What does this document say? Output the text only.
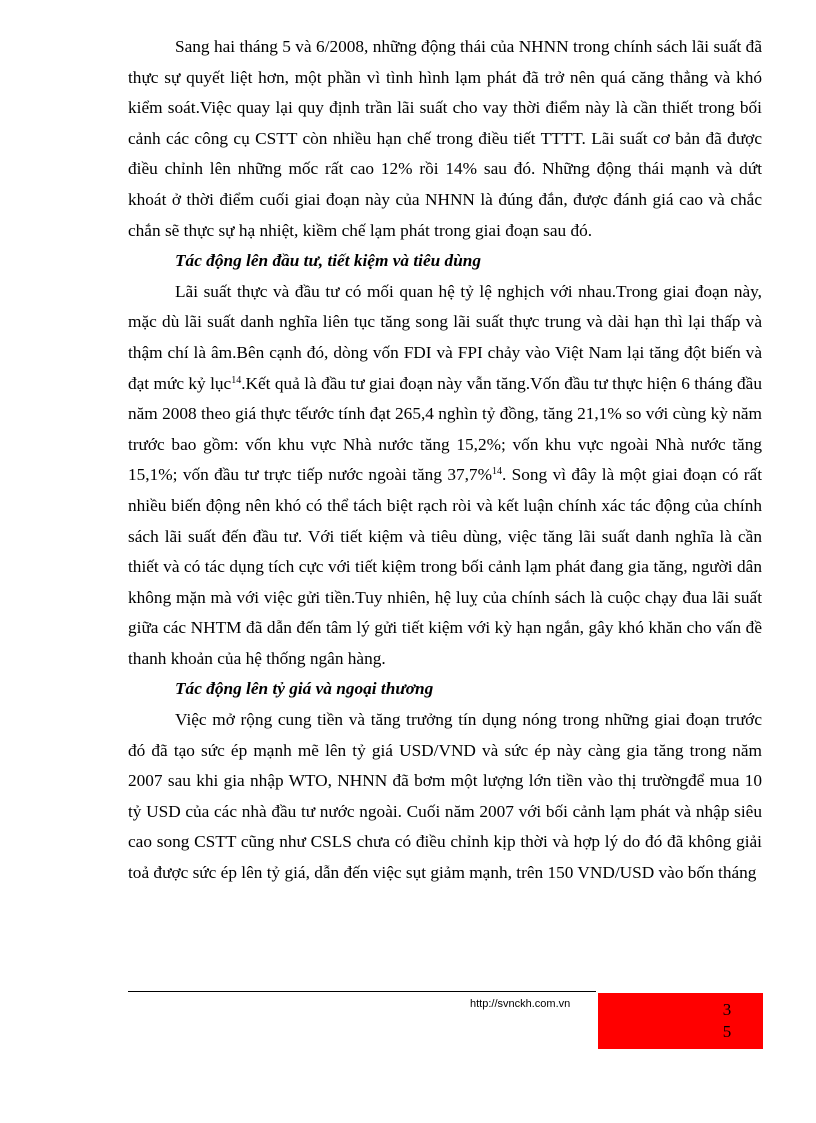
Sang hai tháng 5 và 6/2008, những động thái của NHNN trong chính sách lãi suất đã thực sự quyết liệt hơn, một phần vì tình hình lạm phát đã trở nên quá căng thẳng và khó kiểm soát.Việc quay lại quy định trần lãi suất cho vay thời điểm này là cần thiết trong bối cảnh các công cụ CSTT còn nhiều hạn chế trong điều tiết TTTT. Lãi suất cơ bản đã được điều chỉnh lên những mốc rất cao 12% rồi 14% sau đó. Những động thái mạnh và dứt khoát ở thời điểm cuối giai đoạn này của NHNN là đúng đắn, được đánh giá cao và chắc chắn sẽ thực sự hạ nhiệt, kiềm chế lạm phát trong giai đoạn sau đó.

Tác động lên đầu tư, tiết kiệm và tiêu dùng

Lãi suất thực và đầu tư có mối quan hệ tỷ lệ nghịch với nhau.Trong giai đoạn này, mặc dù lãi suất danh nghĩa liên tục tăng song lãi suất thực trung và dài hạn thì lại thấp và thậm chí là âm.Bên cạnh đó, dòng vốn FDI và FPI chảy vào Việt Nam lại tăng đột biến và đạt mức kỷ lục$^{14}$.Kết quả là đầu tư giai đoạn này vẫn tăng.Vốn đầu tư thực hiện 6 tháng đầu năm 2008 theo giá thực tếước tính đạt 265,4 nghìn tỷ đồng, tăng 21,1% so với cùng kỳ năm trước bao gồm: vốn khu vực Nhà nước tăng 15,2%; vốn khu vực ngoài Nhà nước tăng 15,1%; vốn đầu tư trực tiếp nước ngoài tăng 37,7%$^{14}$. Song vì đây là một giai đoạn có rất nhiều biến động nên khó có thể tách biệt rạch ròi và kết luận chính xác tác động của chính sách lãi suất đến đầu tư. Với tiết kiệm và tiêu dùng, việc tăng lãi suất danh nghĩa là cần thiết và có tác dụng tích cực với tiết kiệm trong bối cảnh lạm phát đang gia tăng, người dân không mặn mà với việc gửi tiền.Tuy nhiên, hệ luỵ của chính sách là cuộc chạy đua lãi suất giữa các NHTM đã dẫn đến tâm lý gửi tiết kiệm với kỳ hạn ngắn, gây khó khăn cho vấn đề thanh khoản của hệ thống ngân hàng.

Tác động lên tỷ giá và ngoại thương

Việc mở rộng cung tiền và tăng trưởng tín dụng nóng trong những giai đoạn trước đó đã tạo sức ép mạnh mẽ lên tỷ giá USD/VND và sức ép này càng gia tăng trong năm 2007 sau khi gia nhập WTO, NHNN đã bơm một lượng lớn tiền vào thị trườngđể mua 10 tỷ USD của các nhà đầu tư nước ngoài. Cuối năm 2007 với bối cảnh lạm phát và nhập siêu cao song CSTT cũng như CSLS chưa có điều chỉnh kịp thời và hợp lý do đó đã không giải toả được sức ép lên tỷ giá, dẫn đến việc sụt giảm mạnh, trên 150 VND/USD vào bốn tháng

http://svnckh.com.vn	35
